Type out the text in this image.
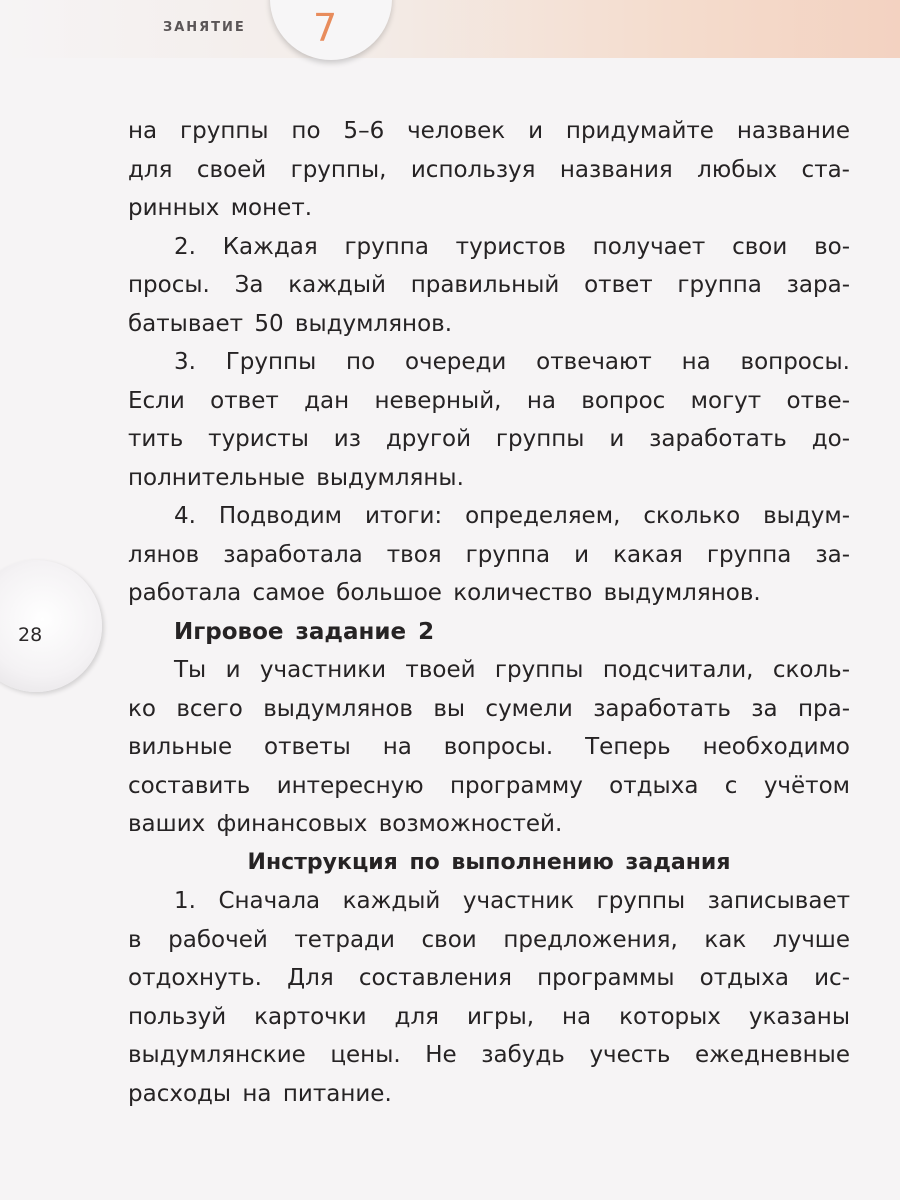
ЗАНЯТИЕ 7
28

на группы по 5–6 человек и придумайте название
для своей группы, используя названия любых ста-
ринных монет.

2. Каждая группа туристов получает свои во-
просы. За каждый правильный ответ группа зара-
батывает 50 выдумлянов.

3. Группы по очереди отвечают на вопросы.
Если ответ дан неверный, на вопрос могут отве-
тить туристы из другой группы и заработать до-
полнительные выдумляны.

4. Подводим итоги: определяем, сколько выдум-
лянов заработала твоя группа и какая группа за-
работала самое большое количество выдумлянов.

Игровое задание 2

Ты и участники твоей группы подсчитали, сколь-
ко всего выдумлянов вы сумели заработать за пра-
вильные ответы на вопросы. Теперь необходимо
составить интересную программу отдыха с учётом
ваших финансовых возможностей.

Инструкция по выполнению задания

1. Сначала каждый участник группы записывает
в рабочей тетради свои предложения, как лучше
отдохнуть. Для составления программы отдыха ис-
пользуй карточки для игры, на которых указаны
выдумлянские цены. Не забудь учесть ежедневные
расходы на питание.
